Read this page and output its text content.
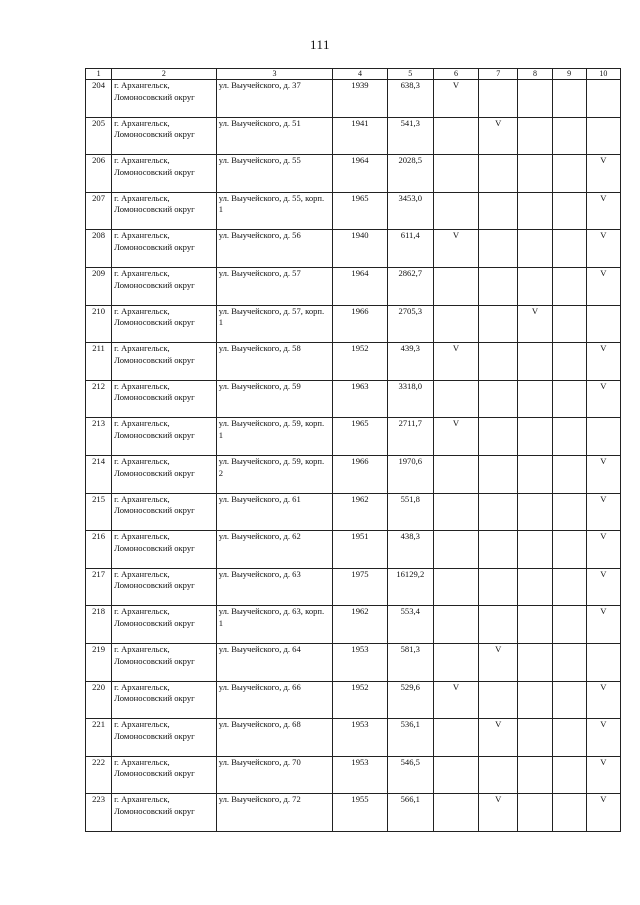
111
1	2	3	4	5	6	7	8	9	10
204	г. Архангельск, Ломоносовский округ	ул. Выучейского, д. 37	1939	638,3	V				
205	г. Архангельск, Ломоносовский округ	ул. Выучейского, д. 51	1941	541,3		V			
206	г. Архангельск, Ломоносовский округ	ул. Выучейского, д. 55	1964	2028,5					V
207	г. Архангельск, Ломоносовский округ	ул. Выучейского, д. 55, корп. 1	1965	3453,0					V
208	г. Архангельск, Ломоносовский округ	ул. Выучейского, д. 56	1940	611,4	V				V
209	г. Архангельск, Ломоносовский округ	ул. Выучейского, д. 57	1964	2862,7					V
210	г. Архангельск, Ломоносовский округ	ул. Выучейского, д. 57, корп. 1	1966	2705,3			V		
211	г. Архангельск, Ломоносовский округ	ул. Выучейского, д. 58	1952	439,3	V				V
212	г. Архангельск, Ломоносовский округ	ул. Выучейского, д. 59	1963	3318,0					V
213	г. Архангельск, Ломоносовский округ	ул. Выучейского, д. 59, корп. 1	1965	2711,7	V				
214	г. Архангельск, Ломоносовский округ	ул. Выучейского, д. 59, корп. 2	1966	1970,6					V
215	г. Архангельск, Ломоносовский округ	ул. Выучейского, д. 61	1962	551,8					V
216	г. Архангельск, Ломоносовский округ	ул. Выучейского, д. 62	1951	438,3					V
217	г. Архангельск, Ломоносовский округ	ул. Выучейского, д. 63	1975	16129,2					V
218	г. Архангельск, Ломоносовский округ	ул. Выучейского, д. 63, корп. 1	1962	553,4					V
219	г. Архангельск, Ломоносовский округ	ул. Выучейского, д. 64	1953	581,3		V			
220	г. Архангельск, Ломоносовский округ	ул. Выучейского, д. 66	1952	529,6	V				V
221	г. Архангельск, Ломоносовский округ	ул. Выучейского, д. 68	1953	536,1		V			V
222	г. Архангельск, Ломоносовский округ	ул. Выучейского, д. 70	1953	546,5					V
223	г. Архангельск, Ломоносовский округ	ул. Выучейского, д. 72	1955	566,1		V			V
